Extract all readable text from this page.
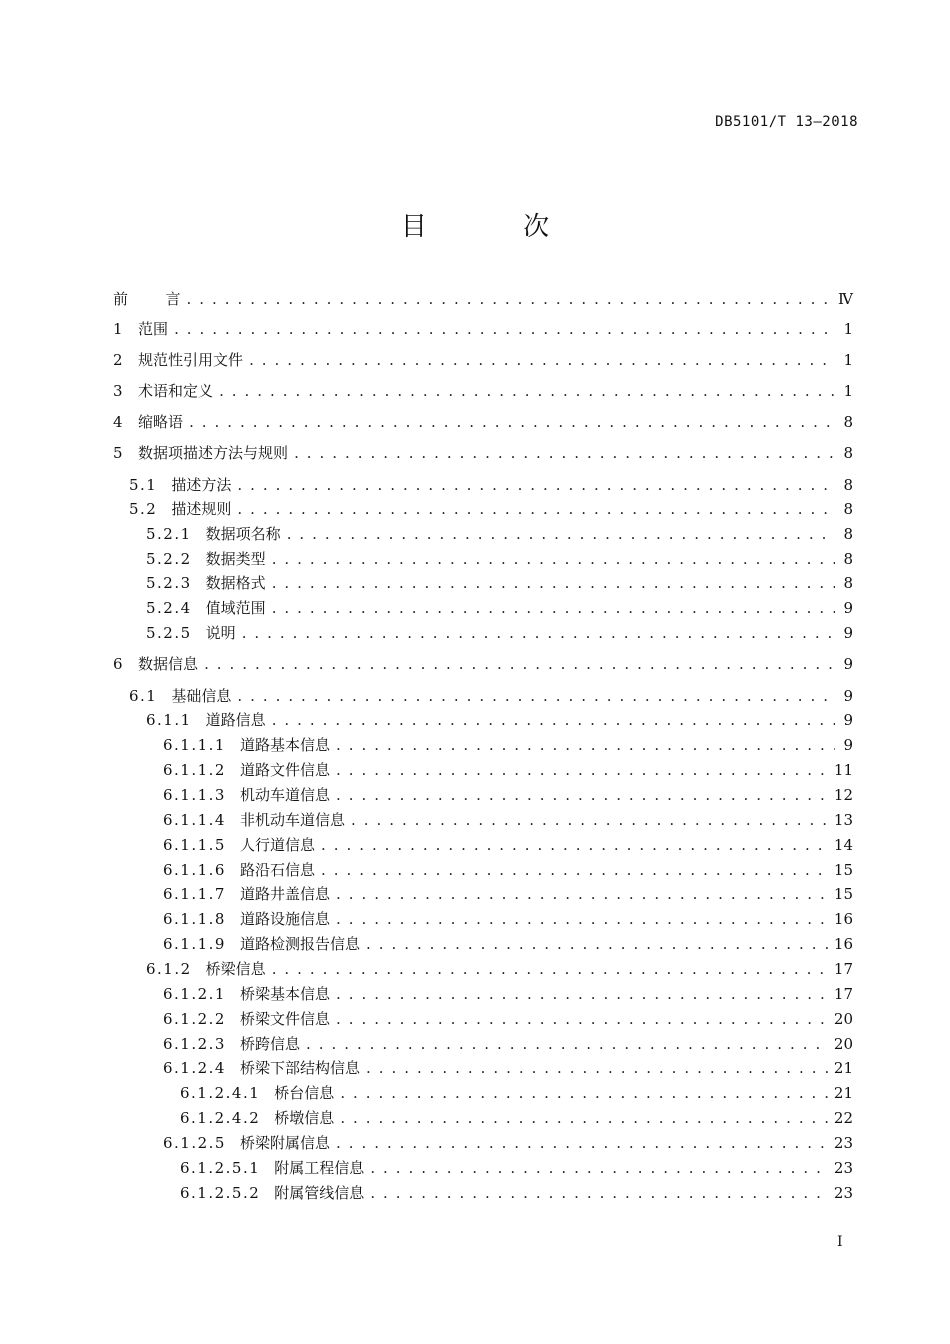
DB5101/T 13—2018
目 次
前 言 . . .	Ⅳ
1 范围 . . .	1
2 规范性引用文件 . . .	1
3 术语和定义 . . .	1
4 缩略语 . . .	8
5 数据项描述方法与规则 . . .	8
5.1 描述方法 . . .	8
5.2 描述规则 . . .	8
5.2.1 数据项名称 . . .	8
5.2.2 数据类型 . . .	8
5.2.3 数据格式 . . .	8
5.2.4 值域范围 . . .	9
5.2.5 说明 . . .	9
6 数据信息 . . .	9
6.1 基础信息 . . .	9
6.1.1 道路信息 . . .	9
6.1.1.1 道路基本信息 . . .	9
6.1.1.2 道路文件信息 . . .	11
6.1.1.3 机动车道信息 . . .	12
6.1.1.4 非机动车道信息 . . .	13
6.1.1.5 人行道信息 . . .	14
6.1.1.6 路沿石信息 . . .	15
6.1.1.7 道路井盖信息 . . .	15
6.1.1.8 道路设施信息 . . .	16
6.1.1.9 道路检测报告信息 . . .	16
6.1.2 桥梁信息 . . .	17
6.1.2.1 桥梁基本信息 . . .	17
6.1.2.2 桥梁文件信息 . . .	20
6.1.2.3 桥跨信息 . . .	20
6.1.2.4 桥梁下部结构信息 . . .	21
6.1.2.4.1 桥台信息 . . .	21
6.1.2.4.2 桥墩信息 . . .	22
6.1.2.5 桥梁附属信息 . . .	23
6.1.2.5.1 附属工程信息 . . .	23
6.1.2.5.2 附属管线信息 . . .	23
I
